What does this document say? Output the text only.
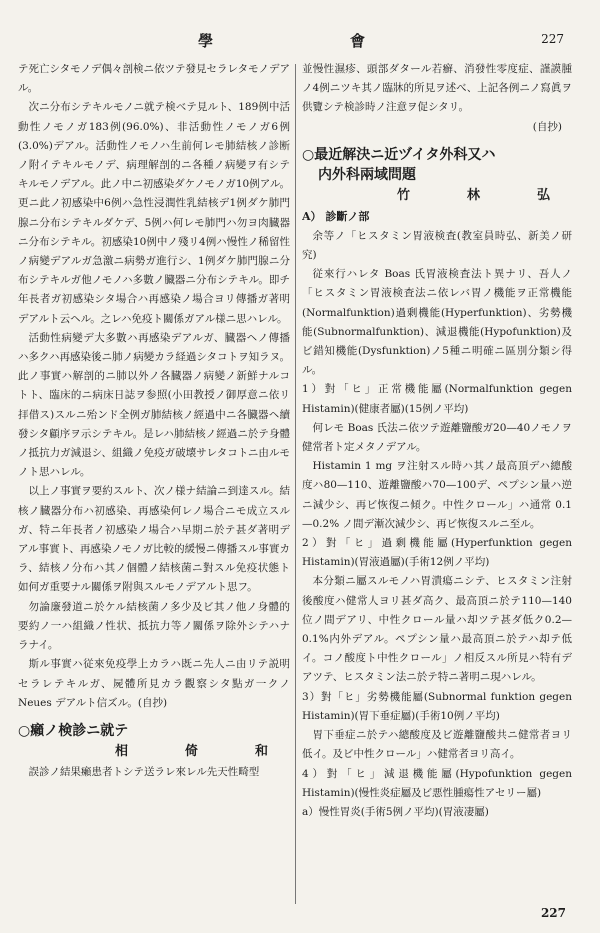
學	會	227

テ死亡シタモノデ偶々剖検ニ依ツテ發見セラレタモノデアル。

次ニ分布シテキルモノニ就テ検ベテ見ルト、189例中活動性ノモノガ183例(96.0%)、非活動性ノモノガ6例(3.0%)デアル。活動性ノモノハ生前何レモ肺結核ノ診断ノ附イテキルモノデ、病理解剖的ニ各種ノ病變ヲ有シテキルモノデアル。此ノ中ニ初感染ダケノモノガ10例アル。更ニ此ノ初感染中6例ハ急性浸潤性乳結核デ1例ダケ肺門腺ニ分布シテキルダケデ、5例ハ何レモ肺門ハ勿ヨ肉臓器ニ分布シテキル。初感染10例中ノ殘リ4例ハ慢性ノ稀留性ノ病變デアルガ急激ニ病勢ガ進行シ、1例ダケ肺門腺ニ分布シテキルガ他ノモノハ多數ノ臓器ニ分布シテキル。即チ年長者ガ初感染シタ場合ハ再感染ノ場合ヨリ傳播ガ著明デアルト云ヘル。之レハ免疫ト關係ガアル様ニ思ハレル。

活動性病變デ大多數ハ再感染デアルガ、臓器ヘノ傳播ハ多クハ再感染後ニ肺ノ病變カラ経過シタコトヲ知ラヌ。此ノ事實ハ解剖的ニ肺以外ノ各臓器ノ病變ノ新鮮ナルコトト、臨床的ニ病床日誌ヲ参照(小田教授ノ御厚意ニ依リ拝借ス)スルニ殆ンド全例ガ肺結核ノ經過中ニ各臓器ヘ續發シタ顧序ヲ示シテキル。是レハ肺結核ノ經過ニ於テ身體ノ抵抗力ガ減退シ、組織ノ免疫ガ破壊サレタコトニ由ルモノト思ハレル。

以上ノ事實ヲ要約スルト、次ノ様ナ結論ニ到達スル。結核ノ臓器分布ハ初感染、再感染何レノ場合ニモ成立スルガ、特ニ年長者ノ初感染ノ場合ハ早期ニ於テ甚ダ著明デアル事實ト、再感染ノモノガ比較的緩慢ニ傳播スル事實カラ、結核ノ分布ハ其ノ個體ノ結核菌ニ對スル免疫状態ト如何ガ重要ナル關係ヲ附與スルモノデアルト思フ。

勿論廉發道ニ於ケル結核菌ノ多少及ビ其ノ他ノ身體的要約ノ一ハ組織ノ性状、抵抗力等ノ關係ヲ除外シテハナラナイ。

斯ル事實ハ従來免疫學上カラハ既ニ先人ニ由リテ説明セラレテキルガ、屍體所見カラ觀察シタ點ガ一クノ Neues デアルト信ズル。(自抄)

○癩ノ検診ニ就テ
相　倚　和

誤診ノ結果癩患者トシテ送ラレ來レル先天性畸型

並慢性濕疹、頭部ダタール若癬、消發性零度症、謹謨腫ノ4例ニツキ其ノ臨牀的所見ヲ述べ、上記各例ニノ寫眞ヲ供覽シテ検診時ノ注意ヲ促シタリ。

(自抄)

○最近解決ニ近ヅイタ外科又ハ
内外科兩域問題
竹　林　弘
A） 診斷ノ部

余等ノ「ヒスタミン胃液検査(教室員時弘、新美ノ研究)

従來行ハレタ Boas 氏胃液検査法ト異ナリ、吾人ノ「ヒスタミン胃液検査法ニ依レバ胃ノ機能ヲ正常機能(Normalfunktion)過剰機能(Hyperfunktion)、劣勢機能(Subnormalfunktion)、減退機能(Hypofunktion)及ビ錯知機能(Dysfunktion)ノ5種ニ明確ニ區別分類シ得ル。

1）對「ヒ」正常機能屬(Normalfunktion gegen Histamin)(健康者屬)(15例ノ平均)

何レモ Boas 氏法ニ依ツテ遊離鹽酸ガ20—40ノモノヲ健常者ト定メタノデアル。

Histamin 1 mg ヲ注射スル時ハ其ノ最高頂デハ總酸度ハ80—110、遊離鹽酸ハ70—100デ、ペプシン量ハ逆ニ減少シ、再ビ恢復ニ傾ク。中性クロール」ハ通常 0.1—0.2% ノ間デ漸次減少シ、再ビ恢復スルニ至ル。

2）對「ヒ」過剰機能屬(Hyperfunktion gegen Histamin)(胃液過屬)(手術12例ノ平均)

本分類ニ屬スルモノハ胃潰瘍ニシテ、ヒスタミン注射後酸度ハ健常人ヨリ甚ダ高ク、最高頂ニ於テ110—140位ノ間デアリ、中性クロール量ハ却ツテ甚ダ低ク0.2—0.1%内外デアル。ペプシン量ハ最高頂ニ於テハ却テ低イ。コノ酸度ト中性クロール」ノ相反スル所見ハ特有デアツテ、ヒスタミン法ニ於テ特ニ著明ニ現ハレル。

3）對「ヒ」劣勢機能屬(Subnormal funktion gegen Histamin)(胃下垂症屬)(手術10例ノ平均)

胃下垂症ニ於テハ總酸度及ビ遊離鹽酸共ニ健常者ヨリ低イ。及ビ中性クロール」ハ健常者ヨリ高イ。

4）對「ヒ」減退機能屬(Hypofunktion gegen Histamin)(慢性炎症屬及ビ悪性腫瘍性アセリー屬)

a）慢性胃炎(手術5例ノ平均)(胃液凄屬)

227
